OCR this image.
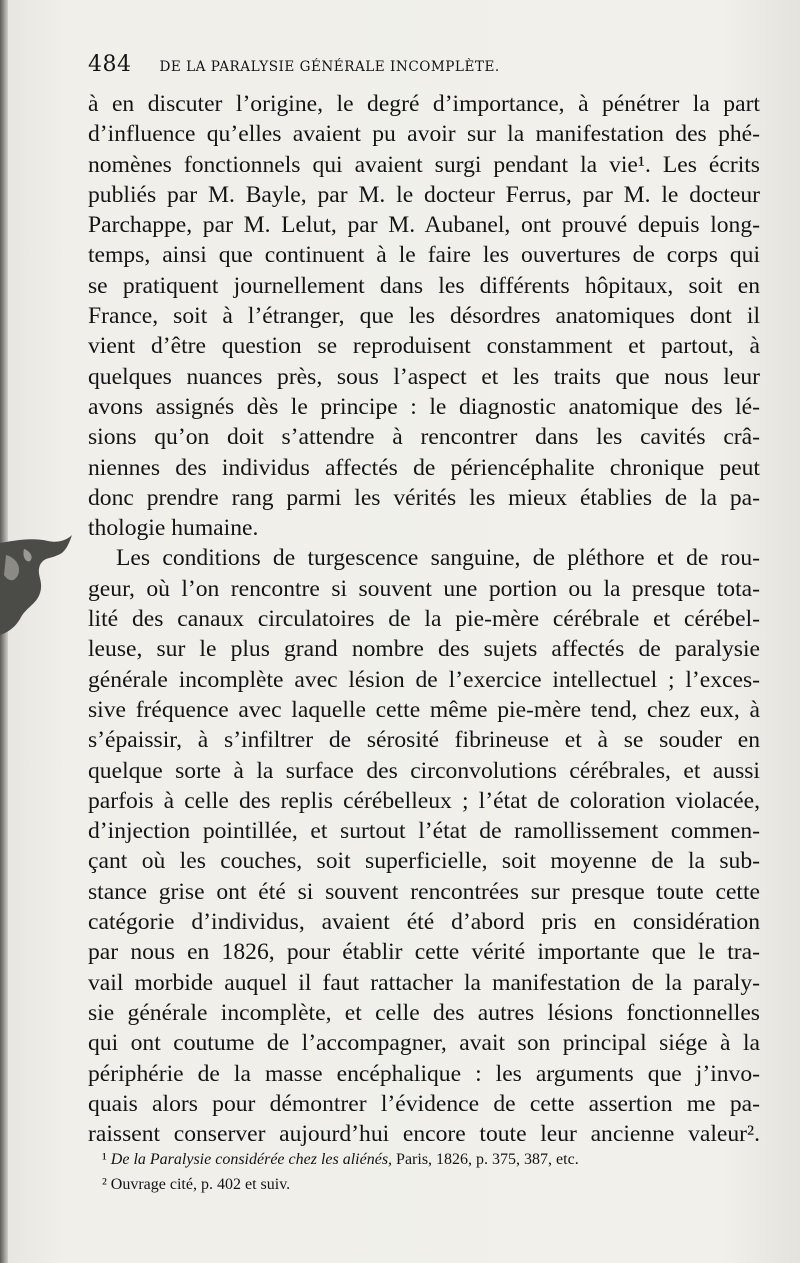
484 DE LA PARALYSIE GÉNÉRALE INCOMPLÈTE.
à en discuter l’origine, le degré d’importance, à pénétrer la part
d’influence qu’elles avaient pu avoir sur la manifestation des phé-
nomènes fonctionnels qui avaient surgi pendant la vie¹. Les écrits
publiés par M. Bayle, par M. le docteur Ferrus, par M. le docteur
Parchappe, par M. Lelut, par M. Aubanel, ont prouvé depuis long-
temps, ainsi que continuent à le faire les ouvertures de corps qui
se pratiquent journellement dans les différents hôpitaux, soit en
France, soit à l’étranger, que les désordres anatomiques dont il
vient d’être question se reproduisent constamment et partout, à
quelques nuances près, sous l’aspect et les traits que nous leur
avons assignés dès le principe : le diagnostic anatomique des lé-
sions qu’on doit s’attendre à rencontrer dans les cavités crâ-
niennes des individus affectés de périencéphalite chronique peut
donc prendre rang parmi les vérités les mieux établies de la pa-
thologie humaine.
Les conditions de turgescence sanguine, de pléthore et de rou-
geur, où l’on rencontre si souvent une portion ou la presque tota-
lité des canaux circulatoires de la pie-mère cérébrale et cérébel-
leuse, sur le plus grand nombre des sujets affectés de paralysie
générale incomplète avec lésion de l’exercice intellectuel ; l’exces-
sive fréquence avec laquelle cette même pie-mère tend, chez eux, à
s’épaissir, à s’infiltrer de sérosité fibrineuse et à se souder en
quelque sorte à la surface des circonvolutions cérébrales, et aussi
parfois à celle des replis cérébelleux ; l’état de coloration violacée,
d’injection pointillée, et surtout l’état de ramollissement commen-
çant où les couches, soit superficielle, soit moyenne de la sub-
stance grise ont été si souvent rencontrées sur presque toute cette
catégorie d’individus, avaient été d’abord pris en considération
par nous en 1826, pour établir cette vérité importante que le tra-
vail morbide auquel il faut rattacher la manifestation de la paraly-
sie générale incomplète, et celle des autres lésions fonctionnelles
qui ont coutume de l’accompagner, avait son principal siége à la
périphérie de la masse encéphalique : les arguments que j’invo-
quais alors pour démontrer l’évidence de cette assertion me pa-
raissent conserver aujourd’hui encore toute leur ancienne valeur².
¹ De la Paralysie considérée chez les aliénés, Paris, 1826, p. 375, 387, etc.
² Ouvrage cité, p. 402 et suiv.
